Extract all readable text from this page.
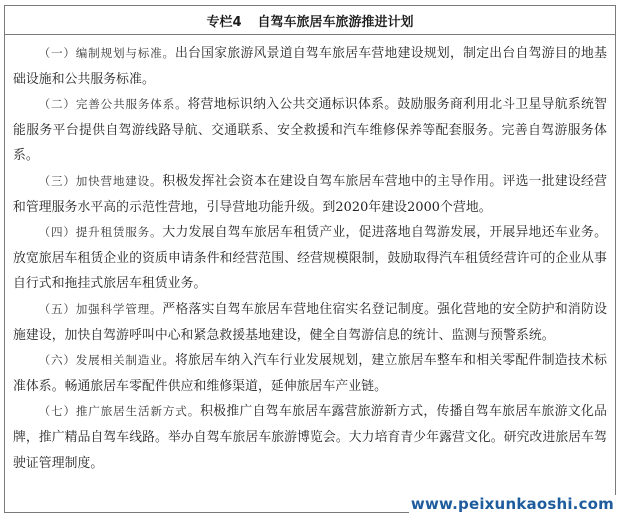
专栏4 自驾车旅居车旅游推进计划

（一）编制规划与标准。出台国家旅游风景道自驾车旅居车营地建设规划，制定出台自驾游目的地基础设施和公共服务标准。

（二）完善公共服务体系。将营地标识纳入公共交通标识体系。鼓励服务商利用北斗卫星导航系统智能服务平台提供自驾游线路导航、交通联系、安全救援和汽车维修保养等配套服务。完善自驾游服务体系。

（三）加快营地建设。积极发挥社会资本在建设自驾车旅居车营地中的主导作用。评选一批建设经营和管理服务水平高的示范性营地，引导营地功能升级。到2020年建设2000个营地。

（四）提升租赁服务。大力发展自驾车旅居车租赁产业，促进落地自驾游发展，开展异地还车业务。放宽旅居车租赁企业的资质申请条件和经营范围、经营规模限制，鼓励取得汽车租赁经营许可的企业从事自行式和拖挂式旅居车租赁业务。

（五）加强科学管理。严格落实自驾车旅居车营地住宿实名登记制度。强化营地的安全防护和消防设施建设，加快自驾游呼叫中心和紧急救援基地建设，健全自驾游信息的统计、监测与预警系统。

（六）发展相关制造业。将旅居车纳入汽车行业发展规划，建立旅居车整车和相关零配件制造技术标准体系。畅通旅居车零配件供应和维修渠道，延伸旅居车产业链。

（七）推广旅居生活新方式。积极推广自驾车旅居车露营旅游新方式，传播自驾车旅居车旅游文化品牌，推广精品自驾车线路。举办自驾车旅居车旅游博览会。大力培育青少年露营文化。研究改进旅居车驾驶证管理制度。

www.peixunkaoshi.com
